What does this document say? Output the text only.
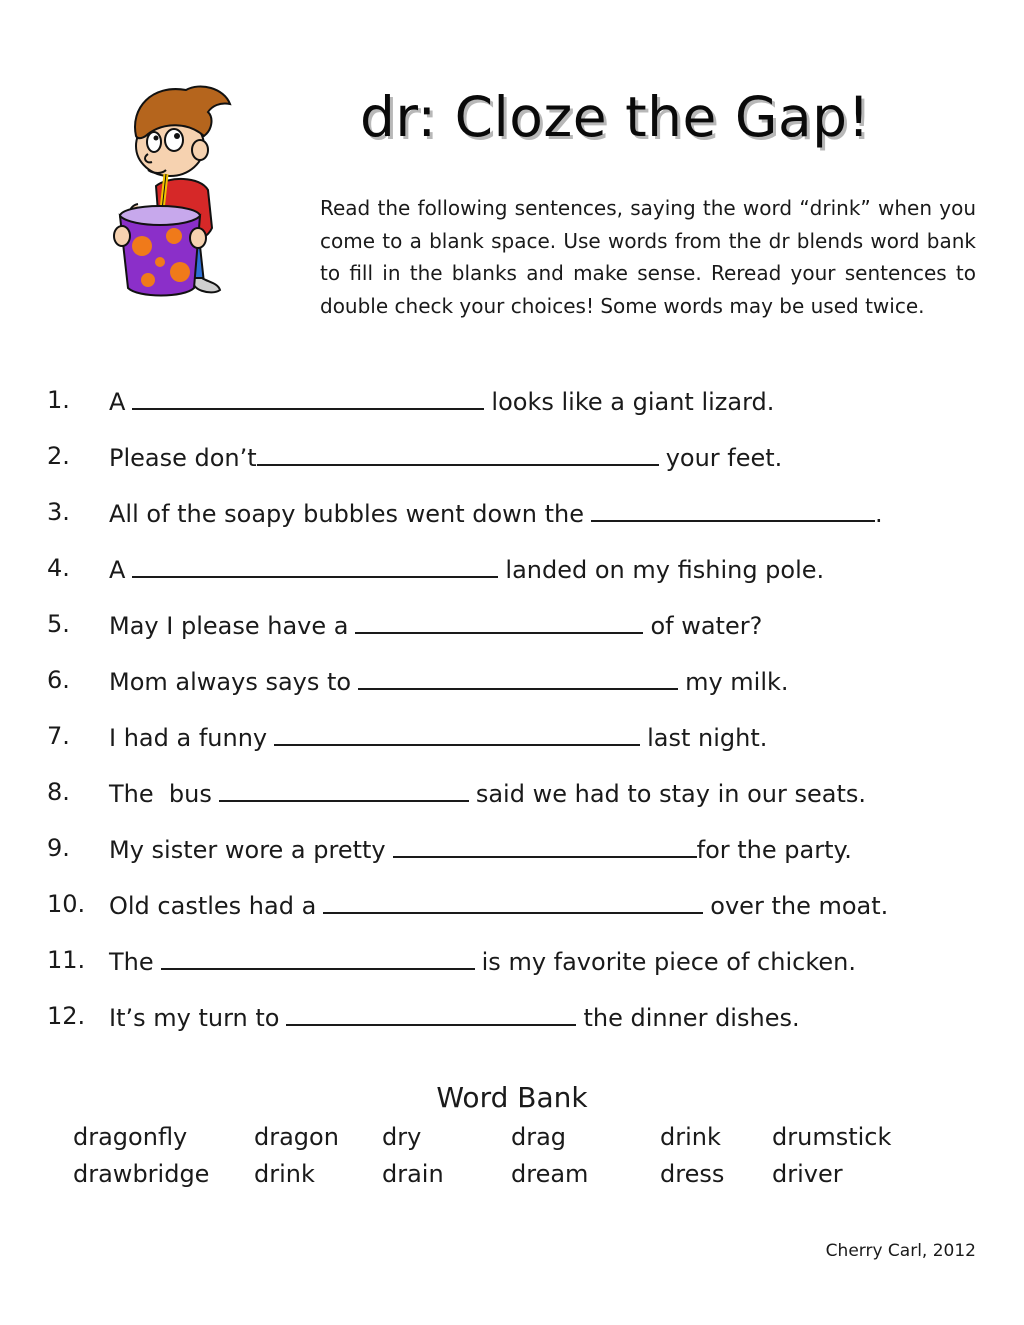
dr: Cloze the Gap!
Read the following sentences, saying the word “drink” when you come to a blank space. Use words from the dr blends word bank to fill in the blanks and make sense. Reread your sentences to double check your choices! Some words may be used twice.
1. A	looks like a giant lizard.
2. Please don’t	your feet.
3. All of the soapy bubbles went down the	.
4. A	landed on my fishing pole.
5. May I please have a	of water?
6. Mom always says to	my milk.
7. I had a funny	last night.
8. The  bus	said we had to stay in our seats.
9. My sister wore a pretty	for the party.
10. Old castles had a	over the moat.
11. The	is my favorite piece of chicken.
12. It’s my turn to	the dinner dishes.
Word Bank
dragonfly	dragon dry	drag	drink drumstick
drawbridge drink	drain	dream	dress driver
Cherry Carl, 2012
